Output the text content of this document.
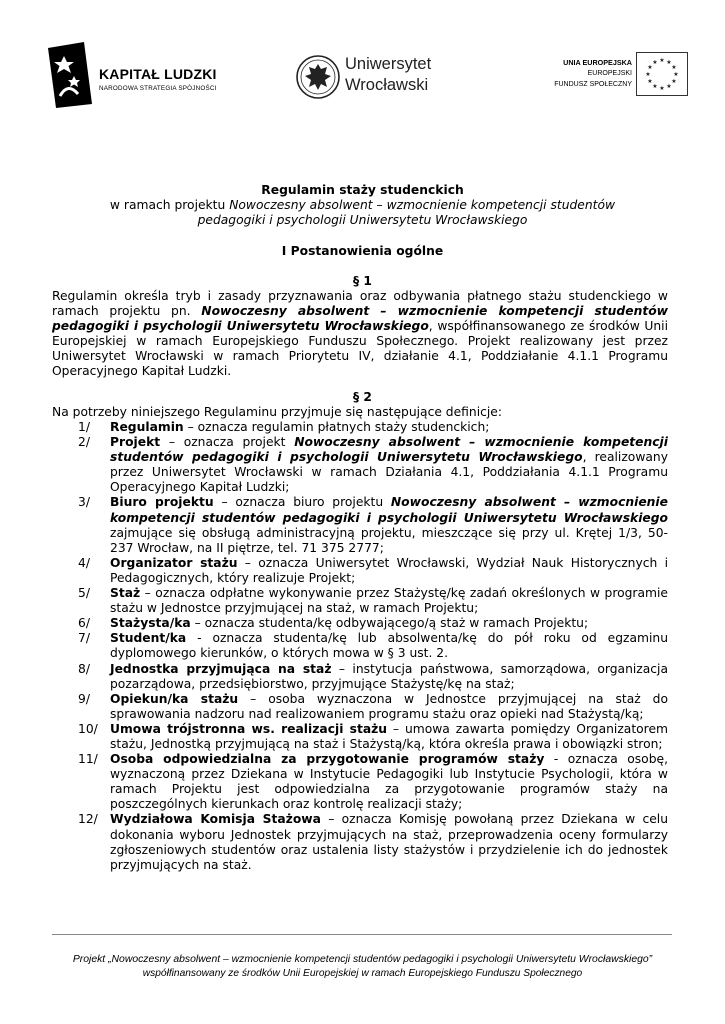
KAPITAŁ LUDZKI
NARODOWA STRATEGIA SPÓJNOŚCI
Uniwersytet
Wrocławski
UNIA EUROPEJSKA
EUROPEJSKI
FUNDUSZ SPOŁECZNY
★ ★
★
★
★
★
★
★
★
★
★
★
Regulamin staży studenckich
w ramach projektu Nowoczesny absolwent – wzmocnienie kompetencji studentów
pedagogiki i psychologii Uniwersytetu Wrocławskiego
I Postanowienia ogólne
§ 1
Regulamin określa tryb i zasady przyznawania oraz odbywania płatnego stażu studenckiego w ramach projektu pn. Nowoczesny absolwent – wzmocnienie kompetencji studentów pedagogiki i psychologii Uniwersytetu Wrocławskiego, współfinansowanego ze środków Unii Europejskiej w ramach Europejskiego Funduszu Społecznego. Projekt realizowany jest przez Uniwersytet Wrocławski w ramach Priorytetu IV, działanie 4.1, Poddziałanie 4.1.1 Programu Operacyjnego Kapitał Ludzki.
§ 2
Na potrzeby niniejszego Regulaminu przyjmuje się następujące definicje:
1/	Regulamin – oznacza regulamin płatnych staży studenckich;
2/	Projekt – oznacza projekt Nowoczesny absolwent – wzmocnienie kompetencji studentów pedagogiki i psychologii Uniwersytetu Wrocławskiego, realizowany przez Uniwersytet Wrocławski w ramach Działania 4.1, Poddziałania 4.1.1 Programu Operacyjnego Kapitał Ludzki;
3/	Biuro projektu – oznacza biuro projektu Nowoczesny absolwent – wzmocnienie kompetencji studentów pedagogiki i psychologii Uniwersytetu Wrocławskiego zajmujące się obsługą administracyjną projektu, mieszczące się przy ul. Krętej 1/3, 50-237 Wrocław, na II piętrze, tel. 71 375 2777;
4/	Organizator stażu – oznacza Uniwersytet Wrocławski, Wydział Nauk Historycznych i Pedagogicznych, który realizuje Projekt;
5/	Staż – oznacza odpłatne wykonywanie przez Stażystę/kę zadań określonych w programie stażu w Jednostce przyjmującej na staż, w ramach Projektu;
6/	Stażysta/ka – oznacza studenta/kę odbywającego/ą staż w ramach Projektu;
7/	Student/ka - oznacza studenta/kę lub absolwenta/kę do pół roku od egzaminu dyplomowego kierunków, o których mowa w § 3 ust. 2.
8/	Jednostka przyjmująca na staż – instytucja państwowa, samorządowa, organizacja pozarządowa, przedsiębiorstwo, przyjmujące Stażystę/kę na staż;
9/	Opiekun/ka stażu – osoba wyznaczona w Jednostce przyjmującej na staż do sprawowania nadzoru nad realizowaniem programu stażu oraz opieki nad Stażystą/ką;
10/ Umowa trójstronna ws. realizacji stażu – umowa zawarta pomiędzy Organizatorem stażu, Jednostką przyjmującą na staż i Stażystą/ką, która określa prawa i obowiązki stron;
11/ Osoba odpowiedzialna za przygotowanie programów staży - oznacza osobę, wyznaczoną przez Dziekana w Instytucie Pedagogiki lub Instytucie Psychologii, która w ramach Projektu jest odpowiedzialna za przygotowanie programów staży na poszczególnych kierunkach oraz kontrolę realizacji staży;
12/ Wydziałowa Komisja Stażowa – oznacza Komisję powołaną przez Dziekana w celu dokonania wyboru Jednostek przyjmujących na staż, przeprowadzenia oceny formularzy zgłoszeniowych studentów oraz ustalenia listy stażystów i przydzielenie ich do jednostek przyjmujących na staż.
Projekt „Nowoczesny absolwent – wzmocnienie kompetencji studentów pedagogiki i psychologii Uniwersytetu Wrocławskiego”
współfinansowany ze środków Unii Europejskiej w ramach Europejskiego Funduszu Społecznego
